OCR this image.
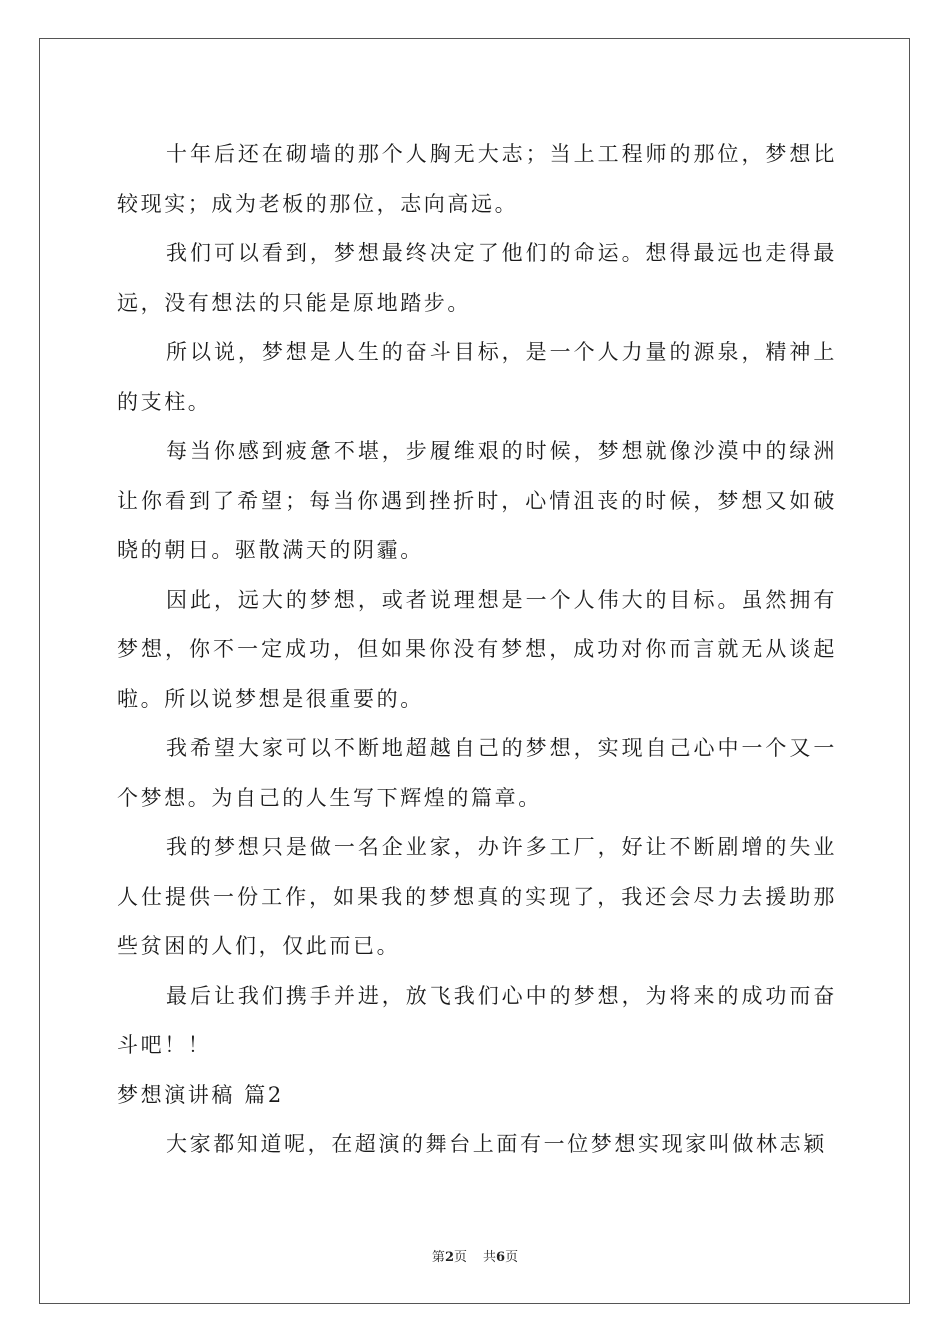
十年后还在砌墙的那个人胸无大志；当上工程师的那位，梦想比较现实；成为老板的那位，志向高远。

我们可以看到，梦想最终决定了他们的命运。想得最远也走得最远，没有想法的只能是原地踏步。

所以说，梦想是人生的奋斗目标，是一个人力量的源泉，精神上的支柱。

每当你感到疲惫不堪，步履维艰的时候，梦想就像沙漠中的绿洲让你看到了希望；每当你遇到挫折时，心情沮丧的时候，梦想又如破晓的朝日。驱散满天的阴霾。

因此，远大的梦想，或者说理想是一个人伟大的目标。虽然拥有梦想，你不一定成功，但如果你没有梦想，成功对你而言就无从谈起啦。所以说梦想是很重要的。

我希望大家可以不断地超越自己的梦想，实现自己心中一个又一个梦想。为自己的人生写下辉煌的篇章。

我的梦想只是做一名企业家，办许多工厂，好让不断剧增的失业人仕提供一份工作，如果我的梦想真的实现了，我还会尽力去援助那些贫困的人们，仅此而已。

最后让我们携手并进，放飞我们心中的梦想，为将来的成功而奋斗吧！！

梦想演讲稿 篇2

大家都知道呢，在超演的舞台上面有一位梦想实现家叫做林志颖

第2页 共6页
